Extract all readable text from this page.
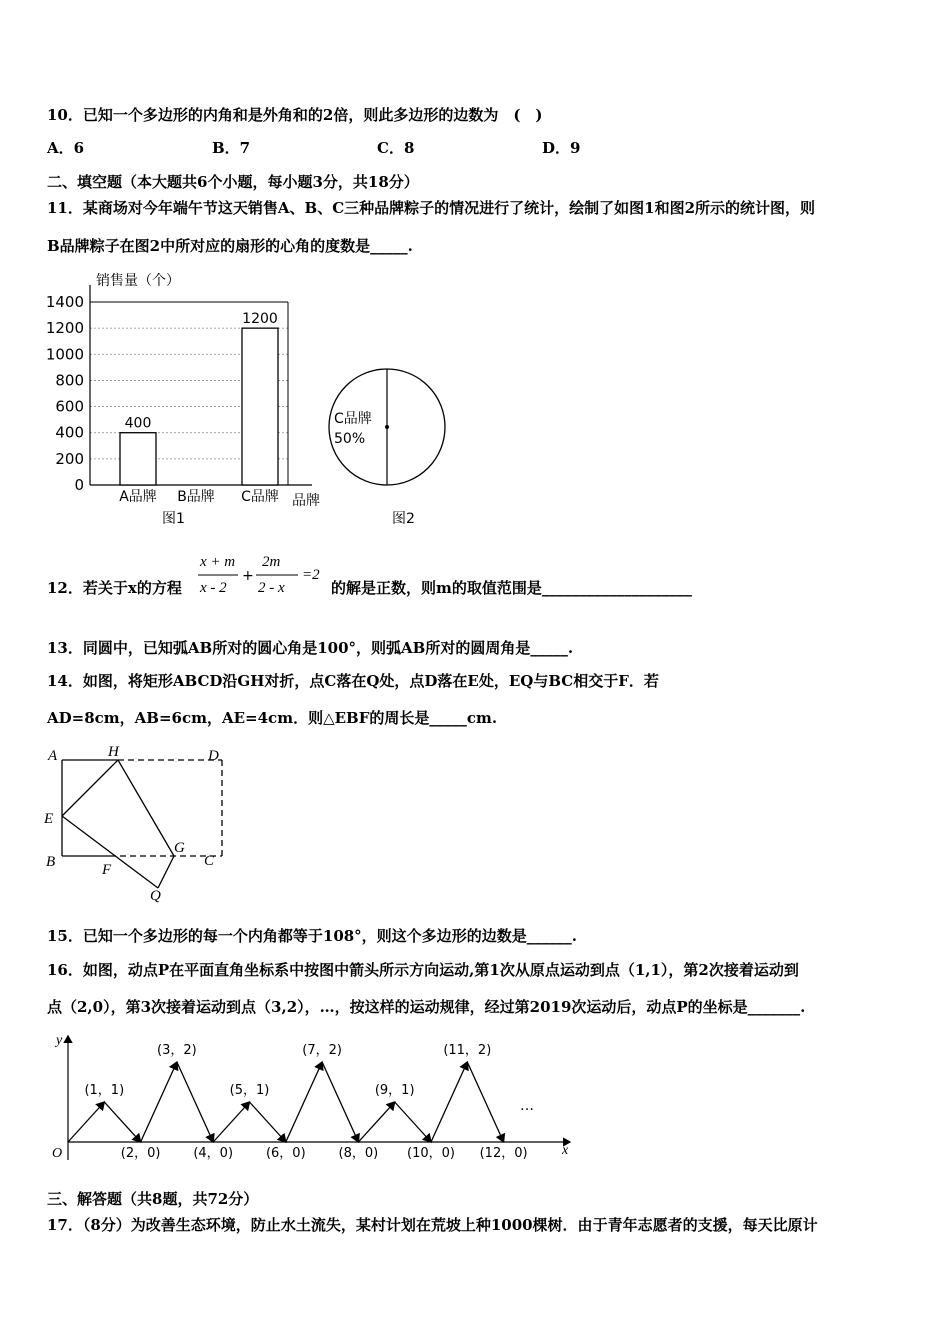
10．已知一个多边形的内角和是外角和的2倍，则此多边形的边数为　(　)
A．6	B．7	C．8	D．9
二、填空题（本大题共6个小题，每小题3分，共18分）
11．某商场对今年端午节这天销售A、B、C三种品牌粽子的情况进行了统计，绘制了如图1和图2所示的统计图，则
B品牌粽子在图2中所对应的扇形的心角的度数是_____.
销售量（个）
0
200
400
600
800
1000
1200
1400
400
1200
A品牌 B品牌 C品牌 品牌
图1
C品牌
50%
图2
12．若关于x的方程
x + m
x - 2
+
2m
2 - x
=2
的解是正数，则m的取值范围是____________________
13．同圆中，已知弧AB所对的圆心角是100°，则弧AB所对的圆周角是_____.
14．如图，将矩形ABCD沿GH对折，点C落在Q处，点D落在E处，EQ与BC相交于F．若
AD=8cm，AB=6cm，AE=4cm．则△EBF的周长是_____cm.
A	H	D
E
G
B	C
F
Q
15．已知一个多边形的每一个内角都等于108°，则这个多边形的边数是______.
16．如图，动点P在平面直角坐标系中按图中箭头所示方向运动,第1次从原点运动到点（1,1），第2次接着运动到
点（2,0），第3次接着运动到点（3,2），…，按这样的运动规律，经过第2019次运动后，动点P的坐标是_______.
y
x
O
(1，1)
(3，2)
(5，1)
(7，2)
(9，1)
(11，2)
(2，0)	(4，0)	(6，0)	(8，0) (10，0) (12，0)
…
三、解答题（共8题，共72分）
17．（8分）为改善生态环境，防止水土流失，某村计划在荒坡上种1000棵树．由于青年志愿者的支援，每天比原计
